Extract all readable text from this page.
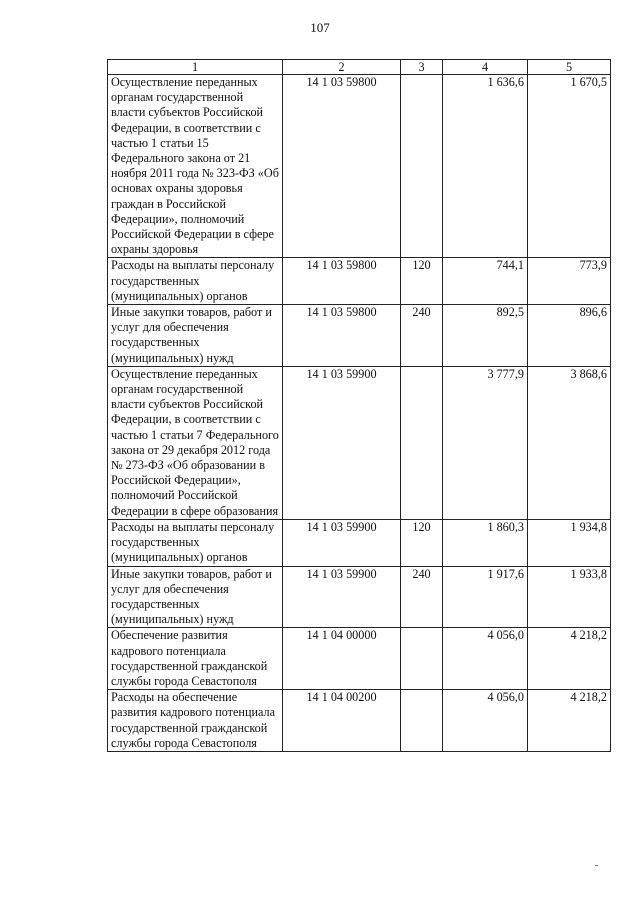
107
1	2	3	4	5
Осуществление переданных органам государственной власти субъектов Российской Федерации, в соответствии с частью 1 статьи 15 Федерального закона от 21 ноября 2011 года № 323-ФЗ «Об основах охраны здоровья граждан в Российской Федерации», полномочий Российской Федерации в сфере охраны здоровья	14 1 03 59800		1 636,6	1 670,5
Расходы на выплаты персоналу государственных (муниципальных) органов	14 1 03 59800	120	744,1	773,9
Иные закупки товаров, работ и услуг для обеспечения государственных (муниципальных) нужд	14 1 03 59800	240	892,5	896,6
Осуществление переданных органам государственной власти субъектов Российской Федерации, в соответствии с частью 1 статьи 7 Федерального закона от 29 декабря 2012 года № 273-ФЗ «Об образовании в Российской Федерации», полномочий Российской Федерации в сфере образования	14 1 03 59900		3 777,9	3 868,6
Расходы на выплаты персоналу государственных (муниципальных) органов	14 1 03 59900	120	1 860,3	1 934,8
Иные закупки товаров, работ и услуг для обеспечения государственных (муниципальных) нужд	14 1 03 59900	240	1 917,6	1 933,8
Обеспечение развития кадрового потенциала государственной гражданской службы города Севастополя	14 1 04 00000		4 056,0	4 218,2
Расходы на обеспечение развития кадрового потенциала государственной гражданской службы города Севастополя	14 1 04 00200		4 056,0	4 218,2
